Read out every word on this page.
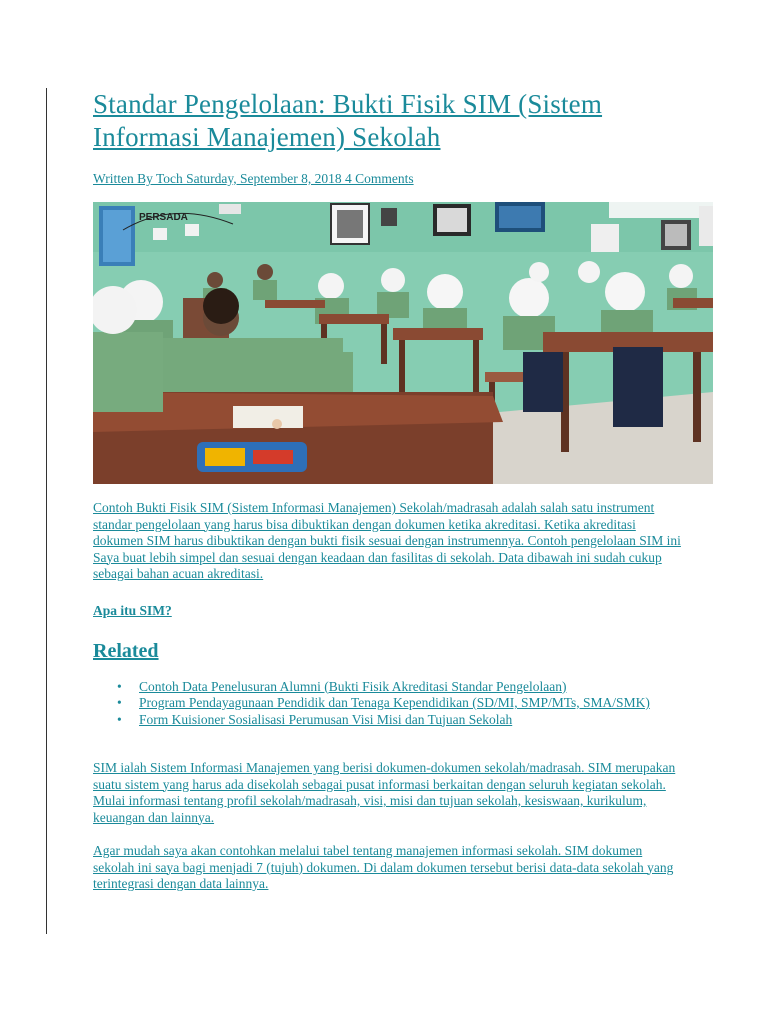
Standar Pengelolaan: Bukti Fisik SIM (Sistem Informasi Manajemen) Sekolah
Written By Toch Saturday, September 8, 2018 4 Comments
PERSADA

Contoh Bukti Fisik SIM (Sistem Informasi Manajemen) Sekolah/madrasah adalah salah satu instrument standar pengelolaan yang harus bisa dibuktikan dengan dokumen ketika akreditasi. Ketika akreditasi dokumen SIM harus dibuktikan dengan bukti fisik sesuai dengan instrumennya. Contoh pengelolaan SIM ini Saya buat lebih simpel dan sesuai dengan keadaan dan fasilitas di sekolah. Data dibawah ini sudah cukup sebagai bahan acuan akreditasi.

Apa itu SIM?
Related
• Contoh Data Penelusuran Alumni (Bukti Fisik Akreditasi Standar Pengelolaan)
• Program Pendayagunaan Pendidik dan Tenaga Kependidikan (SD/MI, SMP/MTs, SMA/SMK)
• Form Kuisioner Sosialisasi Perumusan Visi Misi dan Tujuan Sekolah

SIM ialah Sistem Informasi Manajemen yang berisi dokumen-dokumen sekolah/madrasah. SIM merupakan suatu sistem yang harus ada disekolah sebagai pusat informasi berkaitan dengan seluruh kegiatan sekolah. Mulai informasi tentang profil sekolah/madrasah, visi, misi dan tujuan sekolah, kesiswaan, kurikulum, keuangan dan lainnya.

Agar mudah saya akan contohkan melalui tabel tentang manajemen informasi sekolah. SIM dokumen sekolah ini saya bagi menjadi 7 (tujuh) dokumen. Di dalam dokumen tersebut berisi data-data sekolah yang terintegrasi dengan data lainnya.
